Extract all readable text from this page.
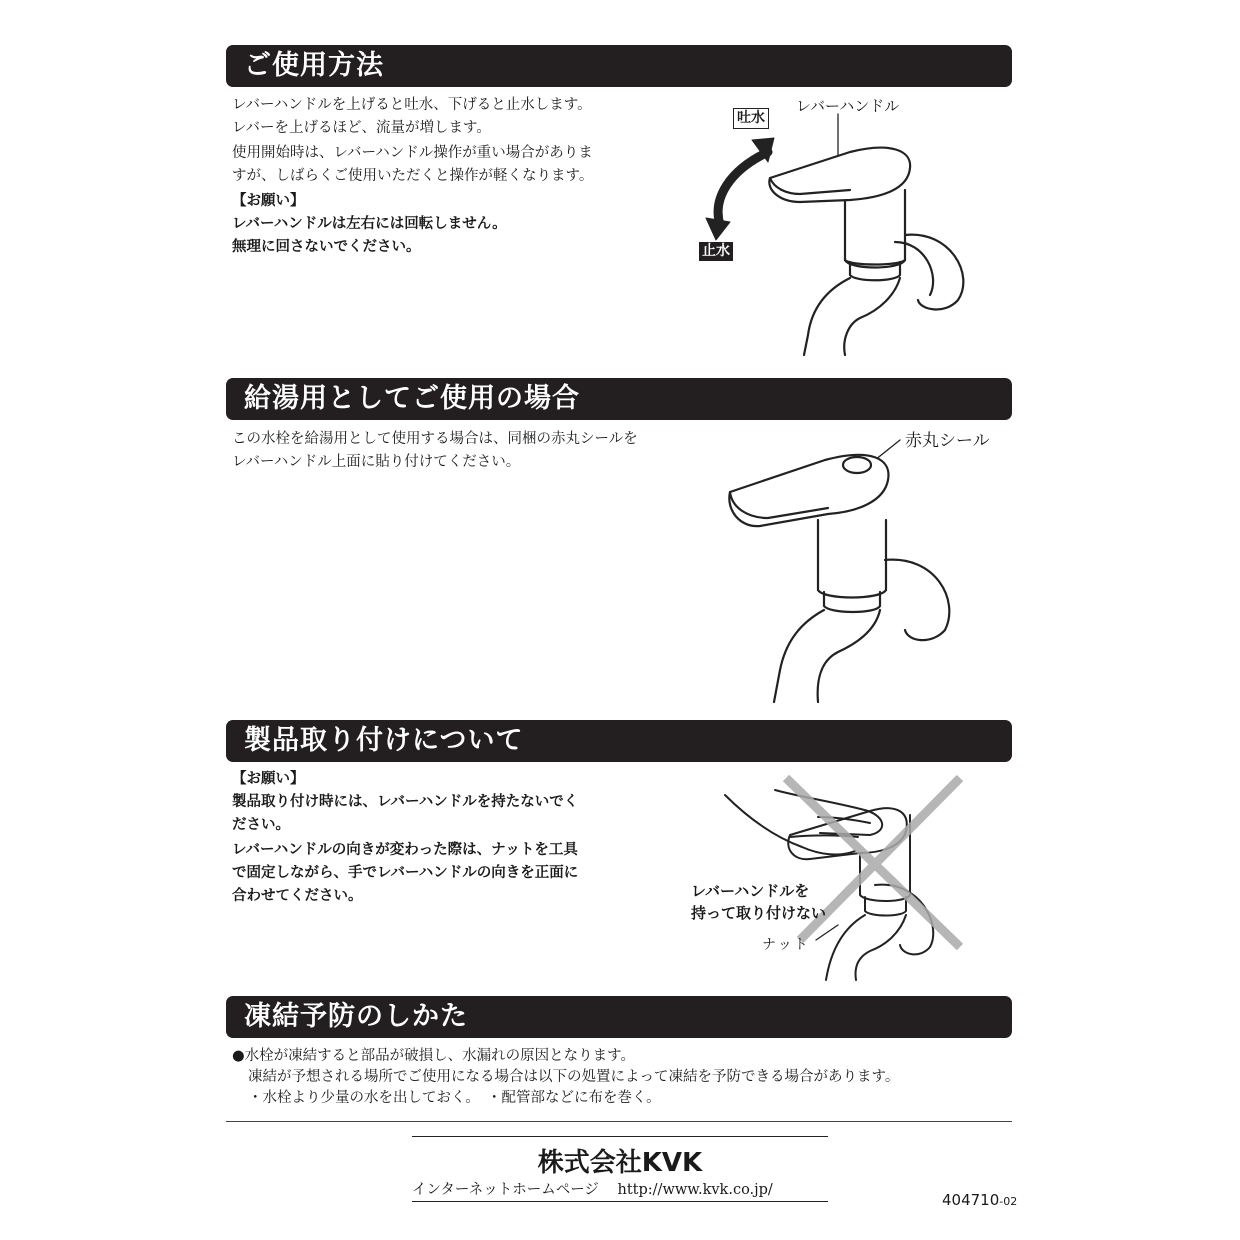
ご使用方法

レバーハンドルを上げると吐水、下げると止水します。

レバーを上げるほど、流量が増します。

使用開始時は、レバーハンドル操作が重い場合がありま

すが、しばらくご使用いただくと操作が軽くなります。

【お願い】

レバーハンドルは左右には回転しません。

無理に回さないでください。

レバーハンドル
吐水
止水
給湯用としてご使用の場合

この水栓を給湯用として使用する場合は、同梱の赤丸シールを

レバーハンドル上面に貼り付けてください。

赤丸シール
製品取り付けについて

【お願い】

製品取り付け時には、レバーハンドルを持たないでく

ださい。

レバーハンドルの向きが変わった際は、ナットを工具

で固定しながら、手でレバーハンドルの向きを正面に

合わせてください。	レバーハンドルを
持って取り付けない
ナット
凍結予防のしかた

●水栓が凍結すると部品が破損し、水漏れの原因となります。

凍結が予想される場所でご使用になる場合は以下の処置によって凍結を予防できる場合があります。

・水栓より少量の水を出しておく。　・配管部などに布を巻く。

株式会社KVK
インターネットホームページ http://www.kvk.co.jp/
404710-02
